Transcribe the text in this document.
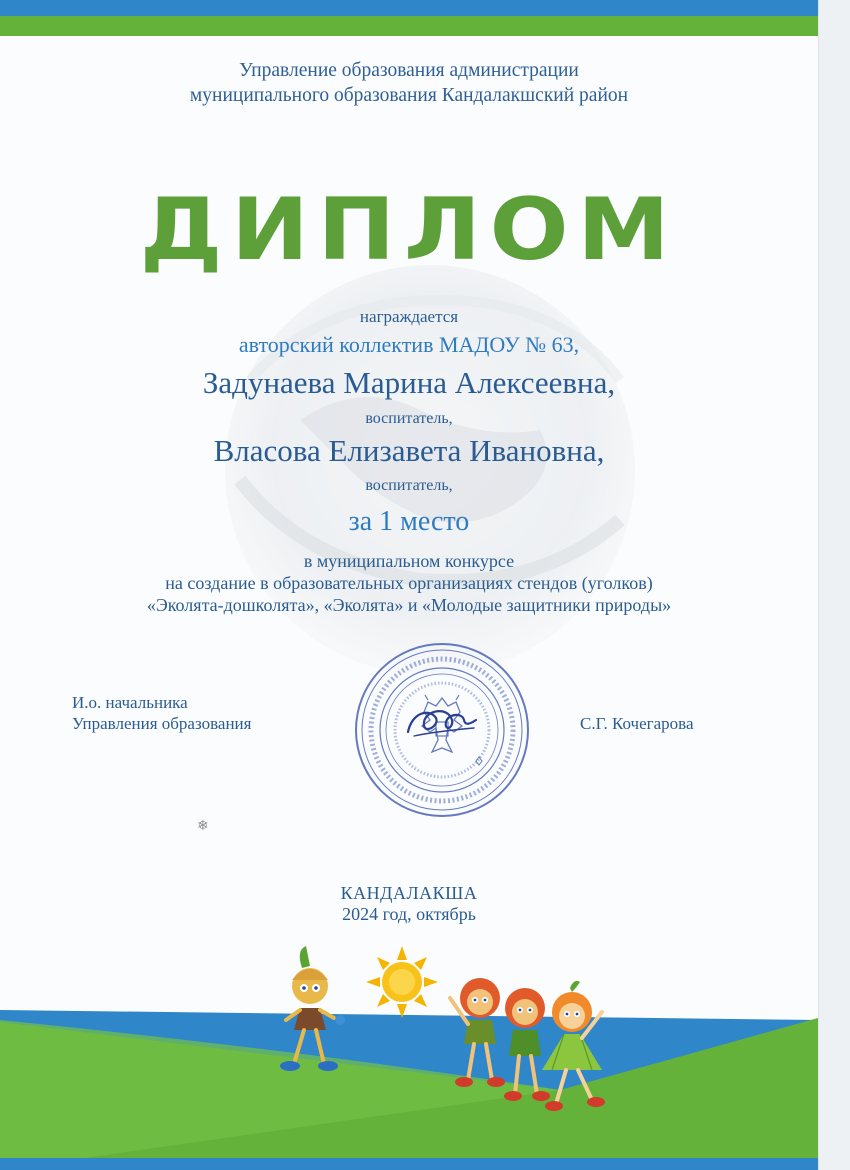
Управление образования администрации
муниципального образования Кандалакшский район
ДИПЛОМ
награждается
авторский коллектив МАДОУ № 63,
Задунаева Марина Алексеевна,
воспитатель,
Власова Елизавета Ивановна,
воспитатель,
за 1 место
в муниципальном конкурсе
на создание в образовательных организациях стендов (уголков)
«Эколята-дошколята», «Эколята» и «Молодые защитники природы»
И.о. начальника
Управления образования	С.Г. Кочегарова
❄
КАНДАЛАКША
2024 год, октябрь
